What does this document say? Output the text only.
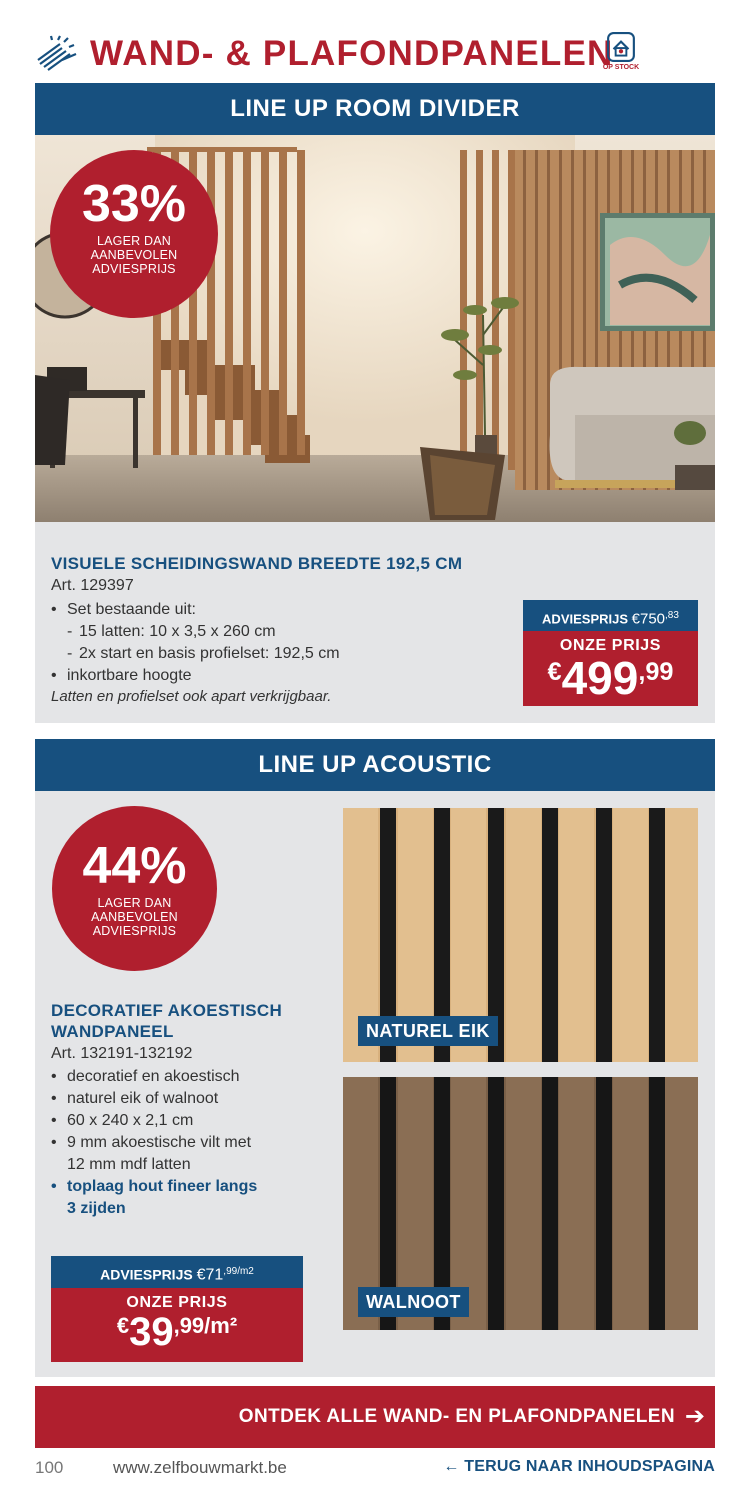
WAND- & PLAFONDPANELEN
OP STOCK
LINE UP ROOM DIVIDER
33%
LAGER DAN
AANBEVOLEN
ADVIESPRIJS
VISUELE SCHEIDINGSWAND BREEDTE 192,5 CM
Art. 129397
• Set bestaande uit:
- 15 latten: 10 x 3,5 x 260 cm
- 2x start en basis profielset: 192,5 cm
• inkortbare hoogte
Latten en profielset ook apart verkrijgbaar.
ADVIESPRIJS $€750^{,83}$
ONZE PRIJS
$^€499^{,99}$
LINE UP ACOUSTIC
44%
LAGER DAN
AANBEVOLEN
ADVIESPRIJS
DECORATIEF AKOESTISCH
WANDPANEEL
Art. 132191-132192
• decoratief en akoestisch
• naturel eik of walnoot
• 60 x 240 x 2,1 cm
• 9 mm akoestische vilt met
12 mm mdf latten
• toplaag hout fineer langs
3 zijden
ADVIESPRIJS $€71^{,99/m2}$
ONZE PRIJS
$^€39^{,99/m^2}$
NATUREL EIK
WALNOOT
ONTDEK ALLE WAND- EN PLAFONDPANELEN ➔
100	www.zelfbouwmarkt.be	← TERUG NAAR INHOUDSPAGINA
